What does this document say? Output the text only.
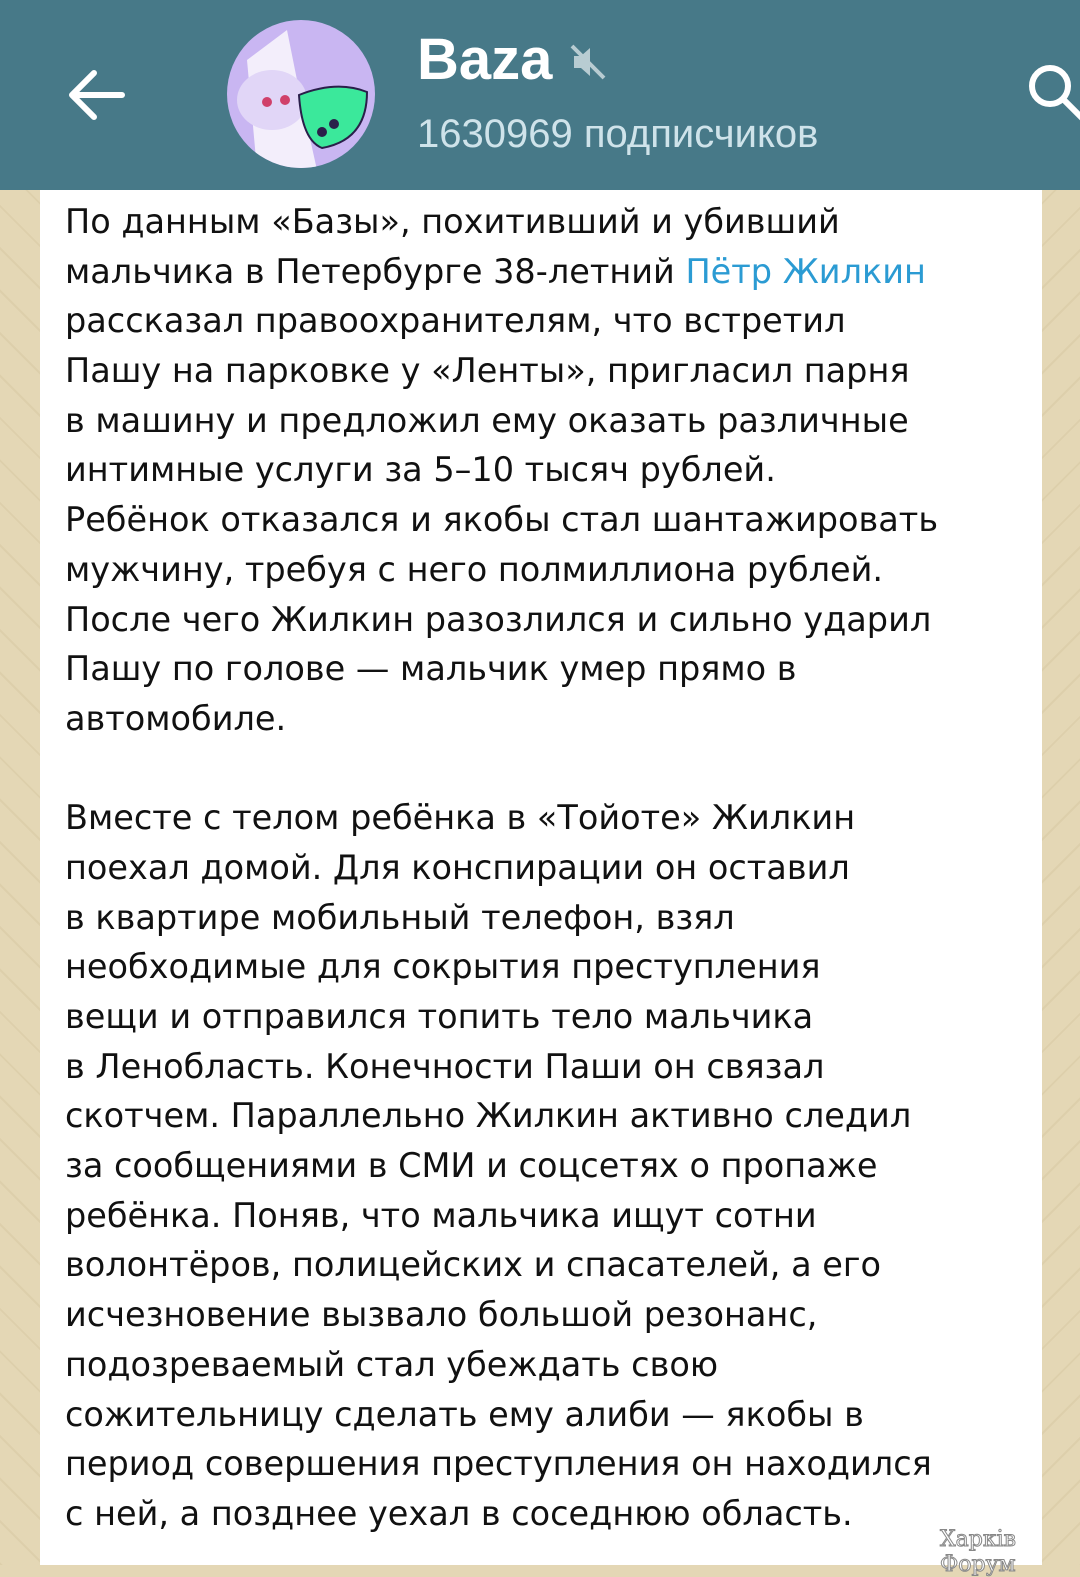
Baza
1630969 подписчиков
По данным «Базы», похитивший и убивший
мальчика в Петербурге 38-летний Пётр Жилкин
рассказал правоохранителям, что встретил
Пашу на парковке у «Ленты», пригласил парня
в машину и предложил ему оказать различные
интимные услуги за 5–10 тысяч рублей.
Ребёнок отказался и якобы стал шантажировать
мужчину, требуя с него полмиллиона рублей.
После чего Жилкин разозлился и сильно ударил
Пашу по голове — мальчик умер прямо в
автомобиле.
Вместе с телом ребёнка в «Тойоте» Жилкин
поехал домой. Для конспирации он оставил
в квартире мобильный телефон, взял
необходимые для сокрытия преступления
вещи и отправился топить тело мальчика
в Ленобласть. Конечности Паши он связал
скотчем. Параллельно Жилкин активно следил
за сообщениями в СМИ и соцсетях о пропаже
ребёнка. Поняв, что мальчика ищут сотни
волонтёров, полицейских и спасателей, а его
исчезновение вызвало большой резонанс,
подозреваемый стал убеждать свою
сожительницу сделать ему алиби — якобы в
период совершения преступления он находился
с ней, а позднее уехал в соседнюю область.
Харків Форум
